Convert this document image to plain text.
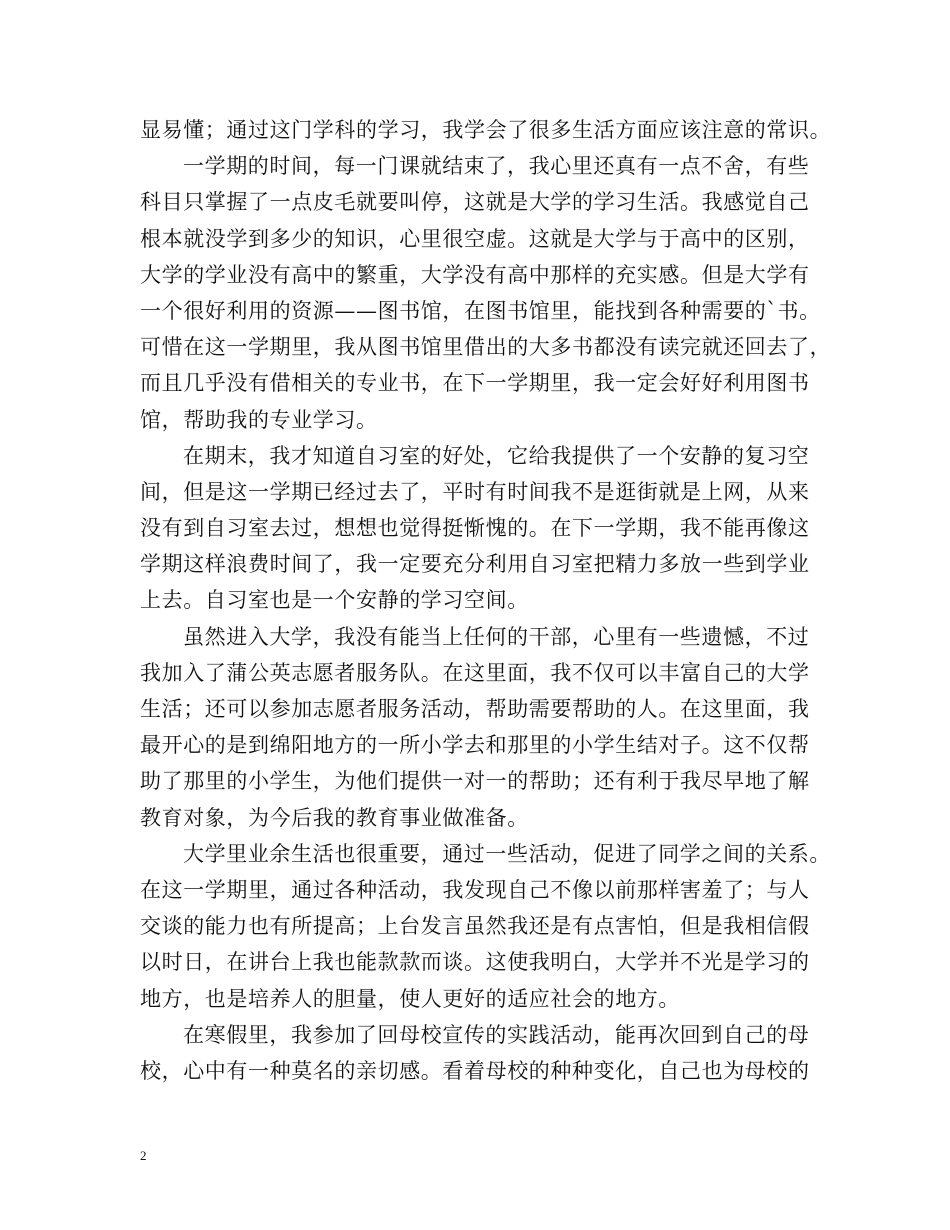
显易懂；通过这门学科的学习，我学会了很多生活方面应该注意的常识。
一学期的时间，每一门课就结束了，我心里还真有一点不舍，有些
科目只掌握了一点皮毛就要叫停，这就是大学的学习生活。我感觉自己
根本就没学到多少的知识，心里很空虚。这就是大学与于高中的区别，
大学的学业没有高中的繁重，大学没有高中那样的充实感。但是大学有
一个很好利用的资源——图书馆，在图书馆里，能找到各种需要的`书。
可惜在这一学期里，我从图书馆里借出的大多书都没有读完就还回去了，
而且几乎没有借相关的专业书，在下一学期里，我一定会好好利用图书
馆，帮助我的专业学习。
在期末，我才知道自习室的好处，它给我提供了一个安静的复习空
间，但是这一学期已经过去了，平时有时间我不是逛街就是上网，从来
没有到自习室去过，想想也觉得挺惭愧的。在下一学期，我不能再像这
学期这样浪费时间了，我一定要充分利用自习室把精力多放一些到学业
上去。自习室也是一个安静的学习空间。
虽然进入大学，我没有能当上任何的干部，心里有一些遗憾，不过
我加入了蒲公英志愿者服务队。在这里面，我不仅可以丰富自己的大学
生活；还可以参加志愿者服务活动，帮助需要帮助的人。在这里面，我
最开心的是到绵阳地方的一所小学去和那里的小学生结对子。这不仅帮
助了那里的小学生，为他们提供一对一的帮助；还有利于我尽早地了解
教育对象，为今后我的教育事业做准备。
大学里业余生活也很重要，通过一些活动，促进了同学之间的关系。
在这一学期里，通过各种活动，我发现自己不像以前那样害羞了；与人
交谈的能力也有所提高；上台发言虽然我还是有点害怕，但是我相信假
以时日，在讲台上我也能款款而谈。这使我明白，大学并不光是学习的
地方，也是培养人的胆量，使人更好的适应社会的地方。
在寒假里，我参加了回母校宣传的实践活动，能再次回到自己的母
校，心中有一种莫名的亲切感。看着母校的种种变化，自己也为母校的
2
